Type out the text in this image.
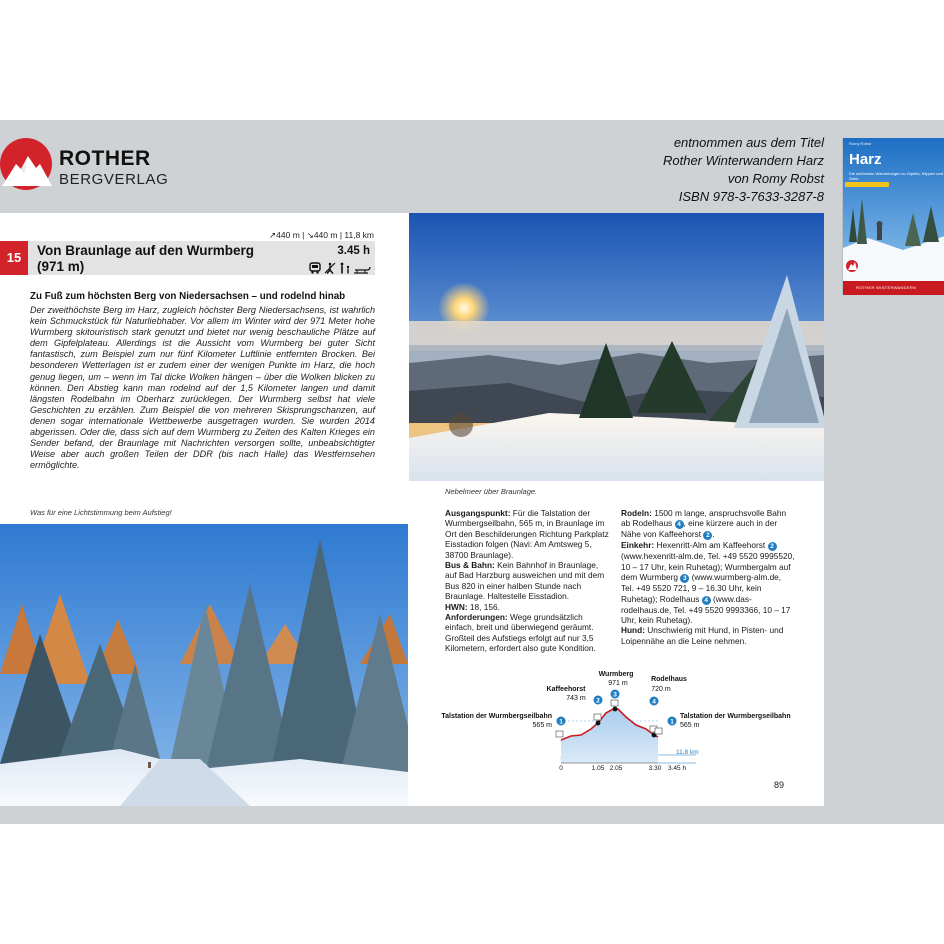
ROTHER
BERGVERLAG
entnommen aus dem Titel
Rother Winterwandern Harz
von Romy Robst
ISBN 978-3-7633-3287-8
Romy Robst
Harz
Die schönsten Wanderungen zu Gipfeln, Klippen und Seen
ROTHER WINTERWANDERN
↗440 m | ↘440 m | 11,8 km
15	Von Braunlage auf den Wurmberg (971 m)
3.45 h
Zu Fuß zum höchsten Berg von Niedersachsen – und rodelnd hinab
Der zweithöchste Berg im Harz, zugleich höchster Berg Niedersachsens, ist wahrlich kein Schmuckstück für Naturliebhaber. Vor allem im Winter wird der 971 Meter hohe Wurmberg skitouristisch stark genutzt und bietet nur wenig beschauliche Plätze auf dem Gipfelplateau. Allerdings ist die Aussicht vom Wurmberg bei guter Sicht fantastisch, zum Beispiel zum nur fünf Kilometer Luftlinie entfernten Brocken. Bei besonderen Wetterlagen ist er zudem einer der wenigen Punkte im Harz, die hoch genug liegen, um – wenn im Tal dicke Wolken hängen – über die Wolken blicken zu können. Den Abstieg kann man rodelnd auf der 1,5 Kilometer langen und damit längsten Rodelbahn im Oberharz zurücklegen. Der Wurmberg selbst hat viele Geschichten zu erzählen. Zum Beispiel die von mehreren Skisprungschanzen, auf denen sogar internationale Wettbewerbe ausgetragen wurden. Sie wurden 2014 abgerissen. Oder die, dass sich auf dem Wurmberg zu Zeiten des Kalten Krieges ein Sender befand, der Braunlage mit Nachrichten versorgen sollte, unbeabsichtigter Weise aber auch großen Teilen der DDR (bis nach Halle) das Westfernsehen ermöglichte.
Was für eine Lichtstimmung beim Aufstieg!
Nebelmeer über Braunlage.
Ausgangspunkt: Für die Talstation der Wurmbergseilbahn, 565 m, in Braunlage im Ort den Beschilderungen Richtung Parkplatz Eisstadion folgen (Navi: Am Amtsweg 5, 38700 Braunlage).
Bus & Bahn: Kein Bahnhof in Braunlage, auf Bad Harzburg ausweichen und mit dem Bus 820 in einer halben Stunde nach Braunlage. Haltestelle Eisstadion.
HWN: 18, 156.
Anforderungen: Wege grundsätzlich einfach, breit und überwiegend geräumt. Großteil des Aufstiegs erfolgt auf nur 3,5 Kilometern, erfordert also gute Kondition.
Rodeln: 1500 m lange, anspruchsvolle Bahn ab Rodelhaus 4 , eine kürzere auch in der Nähe von Kaffeehorst 2 .
Einkehr: Hexenritt-Alm am Kaffeehorst 2 (www.hexenritt-alm.de, Tel. +49 5520 9995520, 10 – 17 Uhr, kein Ruhetag); Wurmbergalm auf dem Wurmberg 3 (www.wurmberg-alm.de, Tel. +49 5520 721, 9 – 16.30 Uhr, kein Ruhetag); Rodelhaus 4 (www.das-rodelhaus.de, Tel. +49 5520 9993366, 10 – 17 Uhr, kein Ruhetag).
Hund: Unschwierig mit Hund, in Pisten- und Loipennähe an die Leine nehmen.
1
2
3
4
1
Talstation der Wurmbergseilbahn
565 m
Kaffeehorst
743 m
Wurmberg
971 m
Rodelhaus
720 m
Talstation der Wurmbergseilbahn
565 m
0	1.05 2.05	3.30 3.45 h
11,8 km
89
